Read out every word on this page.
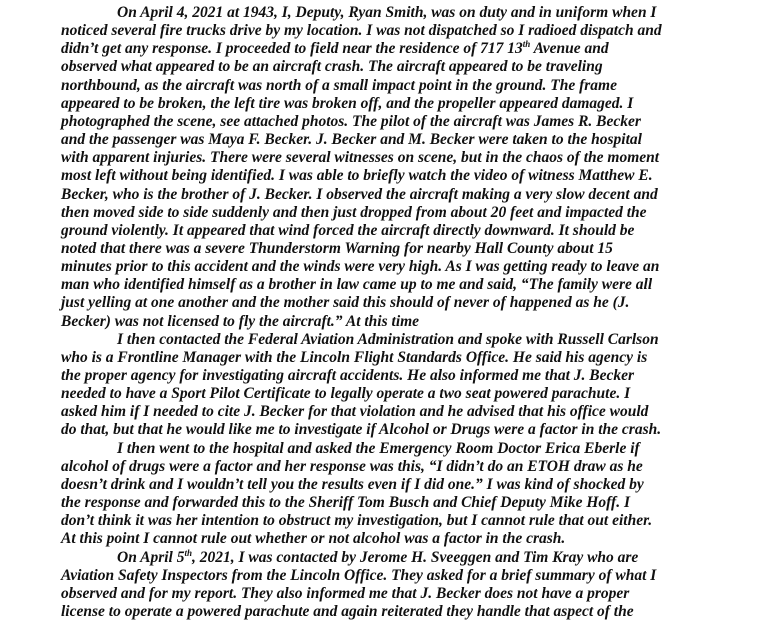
On April 4, 2021 at 1943, I, Deputy, Ryan Smith, was on duty and in uniform when I
noticed several fire trucks drive by my location. I was not dispatched so I radioed dispatch and
didn’t get any response. I proceeded to field near the residence of 717 13th Avenue and
observed what appeared to be an aircraft crash. The aircraft appeared to be traveling
northbound, as the aircraft was north of a small impact point in the ground. The frame
appeared to be broken, the left tire was broken off, and the propeller appeared damaged. I
photographed the scene, see attached photos. The pilot of the aircraft was James R. Becker
and the passenger was Maya F. Becker. J. Becker and M. Becker were taken to the hospital
with apparent injuries. There were several witnesses on scene, but in the chaos of the moment
most left without being identified. I was able to briefly watch the video of witness Matthew E.
Becker, who is the brother of J. Becker. I observed the aircraft making a very slow decent and
then moved side to side suddenly and then just dropped from about 20 feet and impacted the
ground violently. It appeared that wind forced the aircraft directly downward. It should be
noted that there was a severe Thunderstorm Warning for nearby Hall County about 15
minutes prior to this accident and the winds were very high. As I was getting ready to leave an
man who identified himself as a brother in law came up to me and said, “The family were all
just yelling at one another and the mother said this should of never of happened as he (J.
Becker) was not licensed to fly the aircraft.” At this time
I then contacted the Federal Aviation Administration and spoke with Russell Carlson
who is a Frontline Manager with the Lincoln Flight Standards Office. He said his agency is
the proper agency for investigating aircraft accidents. He also informed me that J. Becker
needed to have a Sport Pilot Certificate to legally operate a two seat powered parachute. I
asked him if I needed to cite J. Becker for that violation and he advised that his office would
do that, but that he would like me to investigate if Alcohol or Drugs were a factor in the crash.
I then went to the hospital and asked the Emergency Room Doctor Erica Eberle if
alcohol of drugs were a factor and her response was this, “I didn’t do an ETOH draw as he
doesn’t drink and I wouldn’t tell you the results even if I did one.” I was kind of shocked by
the response and forwarded this to the Sheriff Tom Busch and Chief Deputy Mike Hoff. I
don’t think it was her intention to obstruct my investigation, but I cannot rule that out either.
At this point I cannot rule out whether or not alcohol was a factor in the crash.
On April 5th, 2021, I was contacted by Jerome H. Sveeggen and Tim Kray who are
Aviation Safety Inspectors from the Lincoln Office. They asked for a brief summary of what I
observed and for my report. They also informed me that J. Becker does not have a proper
license to operate a powered parachute and again reiterated they handle that aspect of the
